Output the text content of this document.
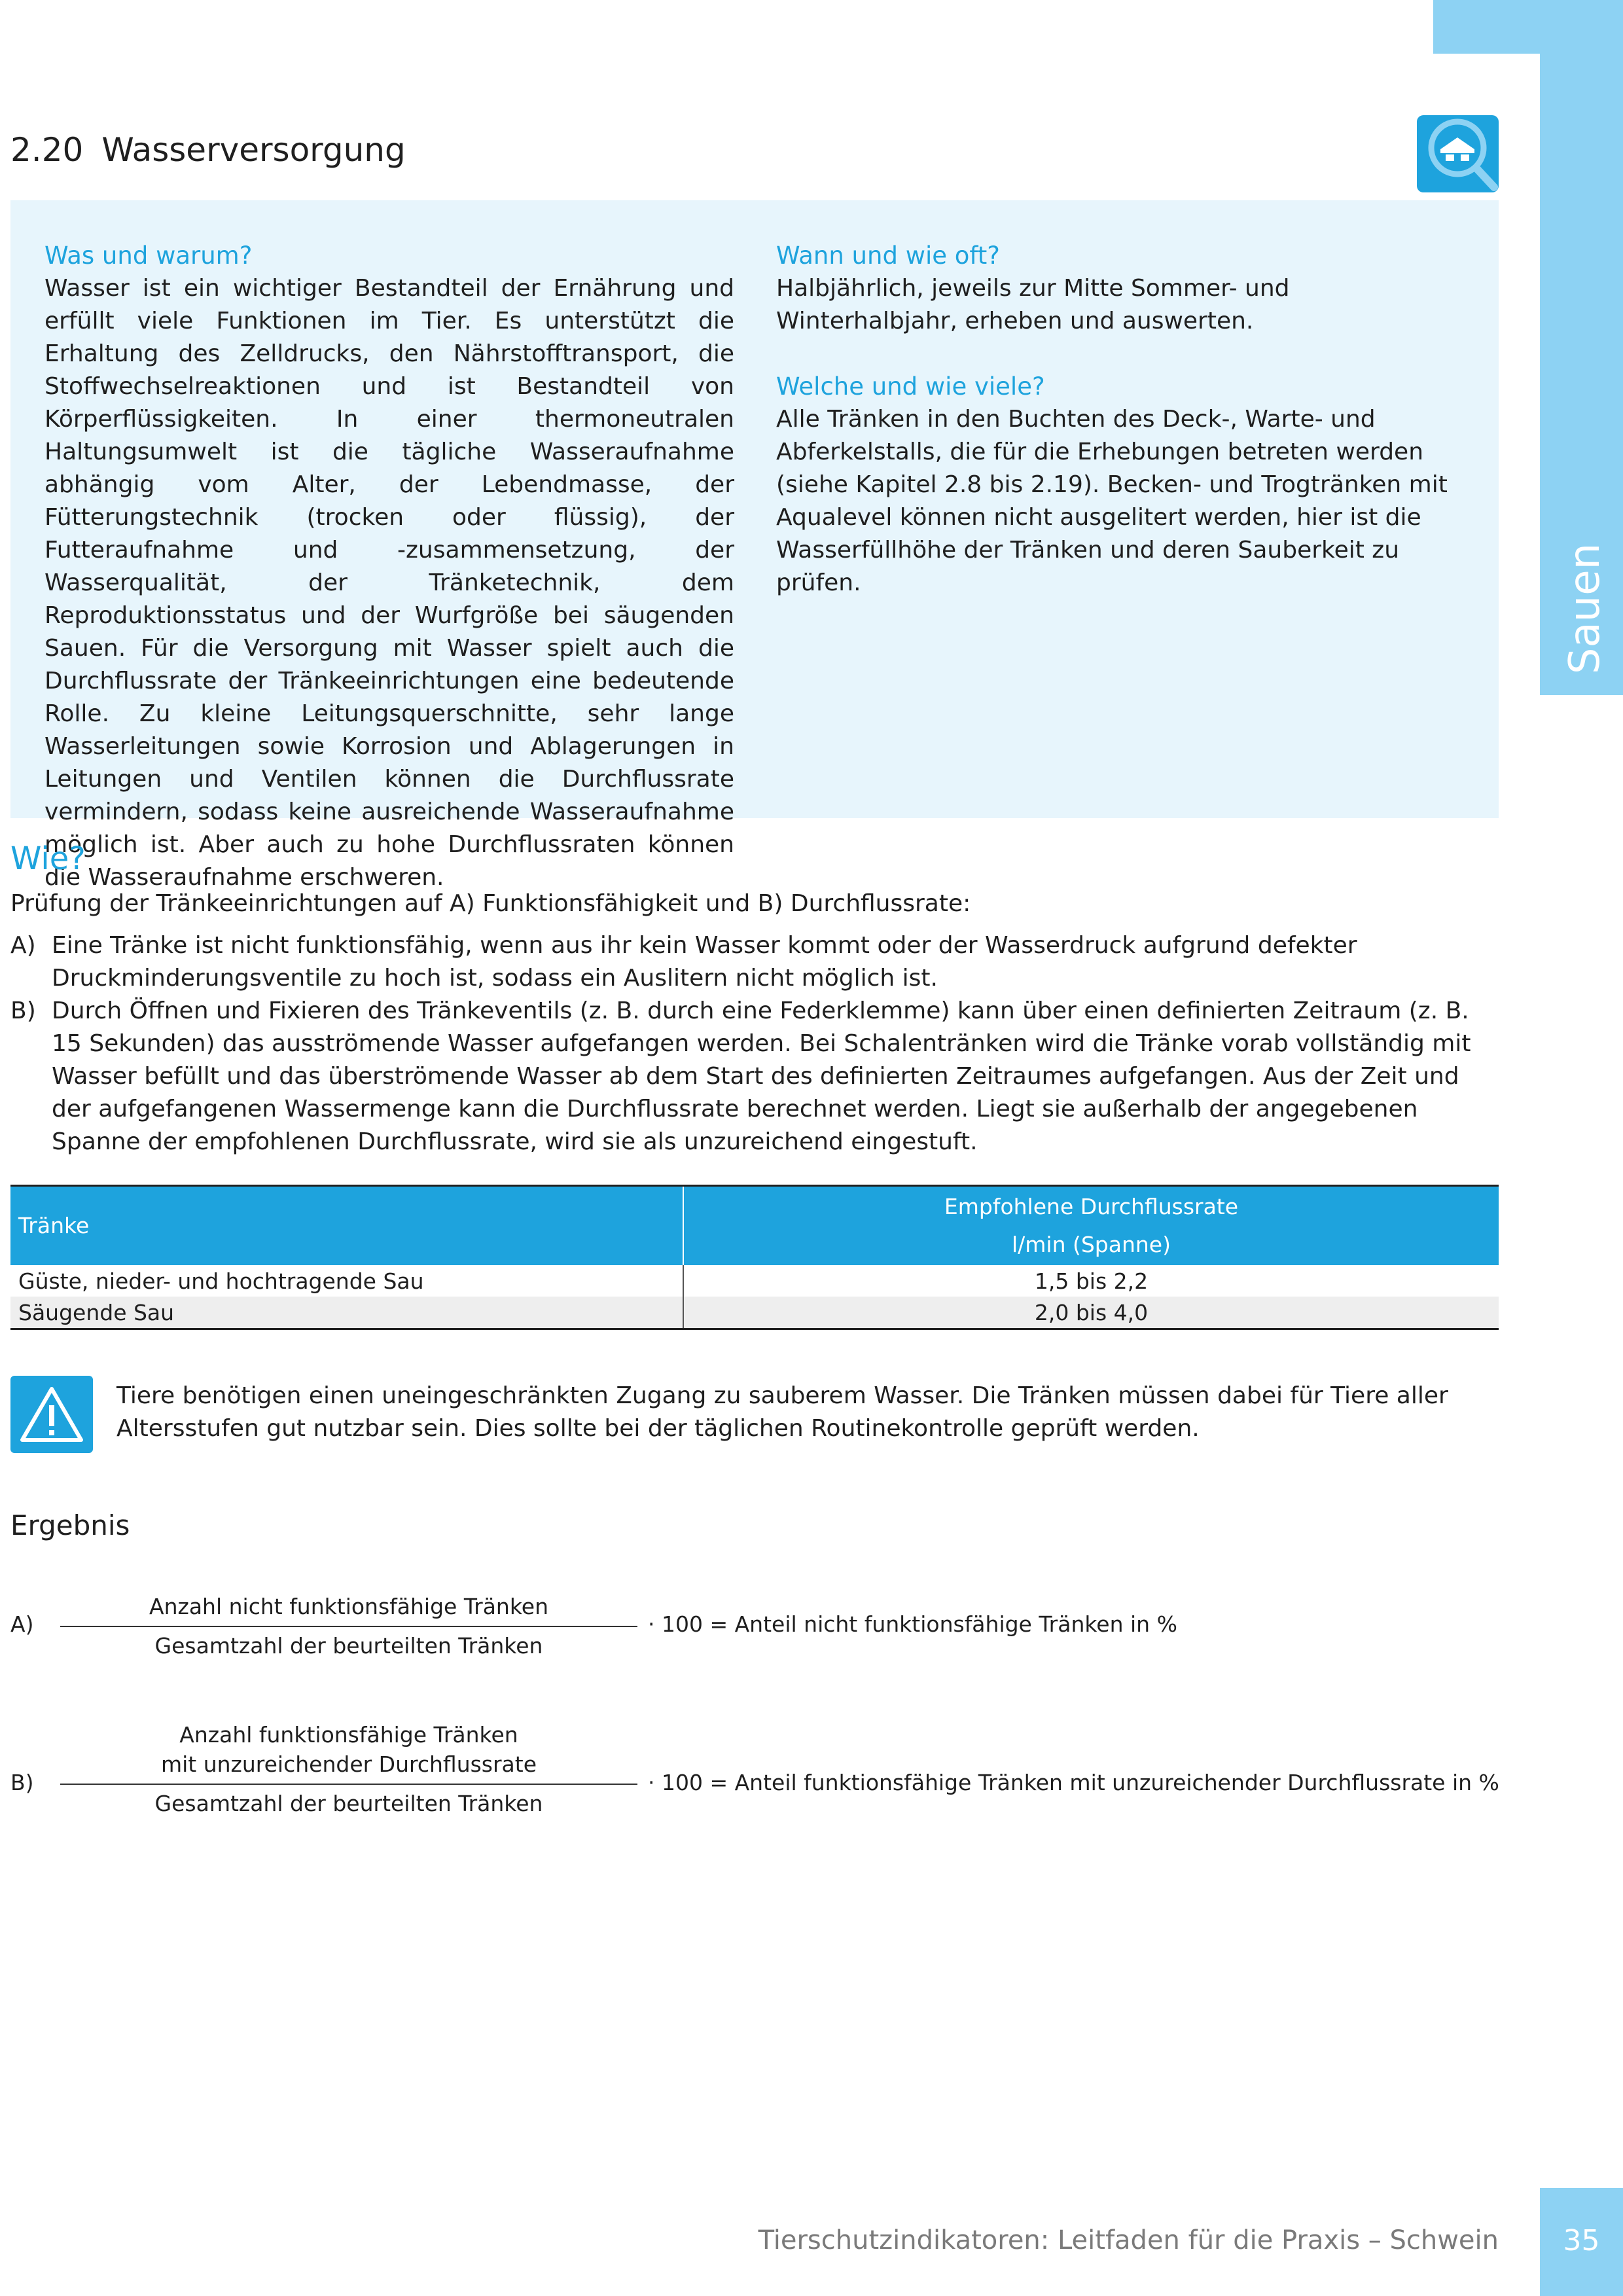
Sauen
2.20 Wasserversorgung
Was und warum?

Wasser ist ein wichtiger Bestandteil der Ernährung und erfüllt viele Funktionen im Tier. Es unterstützt die Erhaltung des Zelldrucks, den Nährstofftransport, die Stoffwechselreaktionen und ist Bestandteil von Körperflüssigkeiten. In einer thermoneutralen Haltungsumwelt ist die tägliche Wasseraufnahme abhängig vom Alter, der Lebendmasse, der Fütterungstechnik (trocken oder flüssig), der Futteraufnahme und -zusammensetzung, der Wasserqualität, der Tränketechnik, dem Reproduktionsstatus und der Wurfgröße bei säugenden Sauen. Für die Versorgung mit Wasser spielt auch die Durchflussrate der Tränkeeinrichtungen eine bedeutende Rolle. Zu kleine Leitungsquerschnitte, sehr lange Wasserleitungen sowie Korrosion und Ablagerungen in Leitungen und Ventilen können die Durchflussrate vermindern, sodass keine ausreichende Wasseraufnahme möglich ist. Aber auch zu hohe Durchflussraten können die Wasseraufnahme erschweren.

Wann und wie oft?

Halbjährlich, jeweils zur Mitte Sommer- und Winterhalbjahr, erheben und auswerten.

Welche und wie viele?

Alle Tränken in den Buchten des Deck-, Warte- und Abferkelstalls, die für die Erhebungen betreten werden (siehe Kapitel 2.8 bis 2.19). Becken- und Trogtränken mit Aqualevel können nicht ausgelitert werden, hier ist die Wasserfüllhöhe der Tränken und deren Sauberkeit zu prüfen.

Wie?

Prüfung der Tränkeeinrichtungen auf A) Funktionsfähigkeit und B) Durchflussrate:

A) Eine Tränke ist nicht funktionsfähig, wenn aus ihr kein Wasser kommt oder der Wasserdruck aufgrund defekter Druckminderungsventile zu hoch ist, sodass ein Auslitern nicht möglich ist.
B) Durch Öffnen und Fixieren des Tränkeventils (z. B. durch eine Federklemme) kann über einen definierten Zeitraum (z. B. 15 Sekunden) das ausströmende Wasser aufgefangen werden. Bei Schalentränken wird die Tränke vorab vollständig mit Wasser befüllt und das überströmende Wasser ab dem Start des definierten Zeitraumes aufgefangen. Aus der Zeit und der aufgefangenen Wassermenge kann die Durchflussrate berechnet werden. Liegt sie außerhalb der angegebenen Spanne der empfohlenen Durchflussrate, wird sie als unzureichend eingestuft.
Tränke	Empfohlene Durchflussrate
l/min (Spanne)

Güste, nieder- und hochtragende Sau	1,5 bis 2,2
Säugende Sau	2,0 bis 4,0

Tiere benötigen einen uneingeschränkten Zugang zu sauberem Wasser. Die Tränken müssen dabei für Tiere aller Altersstufen gut nutzbar sein. Dies sollte bei der täglichen Routinekontrolle geprüft werden.

Ergebnis
A)
Anzahl nicht funktionsfähige Tränken
Gesamtzahl der beurteilten Tränken
· 100 = Anteil nicht funktionsfähige Tränken in %
B)
Anzahl funktionsfähige Tränken
mit unzureichender Durchflussrate
Gesamtzahl der beurteilten Tränken
· 100 = Anteil funktionsfähige Tränken mit unzureichender Durchflussrate in %
Tierschutzindikatoren: Leitfaden für die Praxis – Schwein	35
